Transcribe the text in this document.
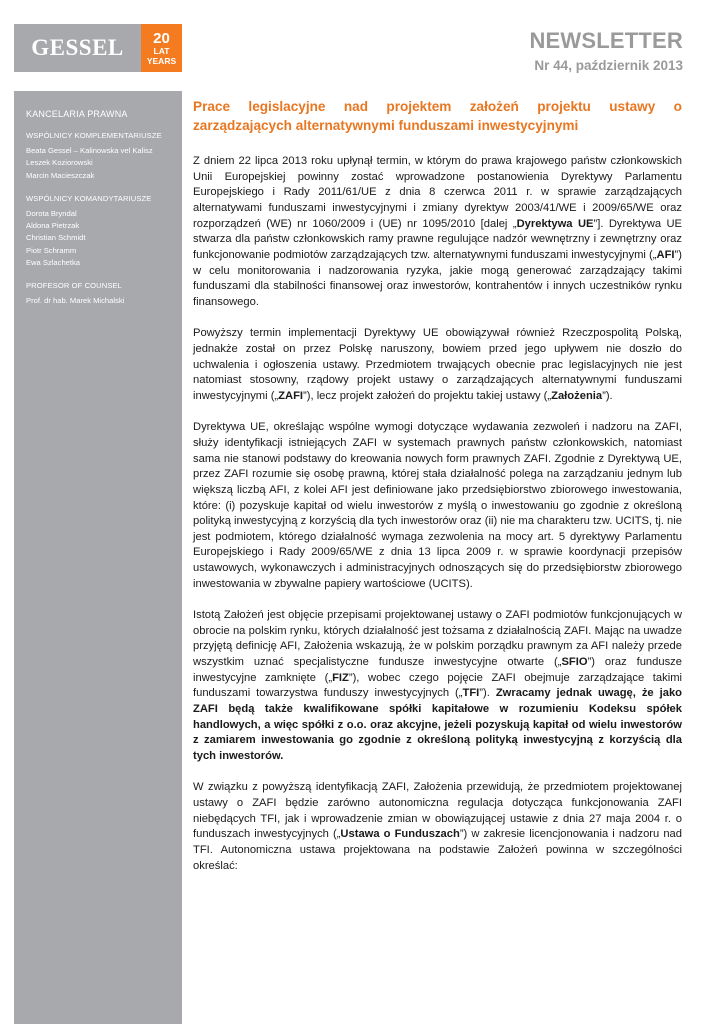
GESSEL	20
LAT
YEARS
NEWSLETTER
Nr 44, październik 2013
KANCELARIA PRAWNA
WSPÓLNICY KOMPLEMENTARIUSZE
Beata Gessel – Kalinowska vel Kalisz
Leszek Koziorowski
Marcin Macieszczak
WSPÓLNICY KOMANDYTARIUSZE
Dorota Bryndal
Aldona Pietrzak
Christian Schmidt
Piotr Schramm
Ewa Szlachetka
PROFESOR OF COUNSEL
Prof. dr hab. Marek Michalski
Prace legislacyjne nad projektem założeń projektu ustawy o zarządzających alternatywnymi funduszami inwestycyjnymi

Z dniem 22 lipca 2013 roku upłynął termin, w którym do prawa krajowego państw członkowskich Unii Europejskiej powinny zostać wprowadzone postanowienia Dyrektywy Parlamentu Europejskiego i Rady 2011/61/UE z dnia 8 czerwca 2011 r. w sprawie zarządzających alternatywami funduszami inwestycyjnymi i zmiany dyrektyw 2003/41/WE i 2009/65/WE oraz rozporządzeń (WE) nr 1060/2009 i (UE) nr 1095/2010 [dalej „Dyrektywa UE”]. Dyrektywa UE stwarza dla państw członkowskich ramy prawne regulujące nadzór wewnętrzny i zewnętrzny oraz funkcjonowanie podmiotów zarządzających tzw. alternatywnymi funduszami inwestycyjnymi („AFI”) w celu monitorowania i nadzorowania ryzyka, jakie mogą generować zarządzający takimi funduszami dla stabilności finansowej oraz inwestorów, kontrahentów i innych uczestników rynku finansowego.

Powyższy termin implementacji Dyrektywy UE obowiązywał również Rzeczpospolitą Polską, jednakże został on przez Polskę naruszony, bowiem przed jego upływem nie doszło do uchwalenia i ogłoszenia ustawy. Przedmiotem trwających obecnie prac legislacyjnych nie jest natomiast stosowny, rządowy projekt ustawy o zarządzających alternatywnymi funduszami inwestycyjnymi („ZAFI”), lecz projekt założeń do projektu takiej ustawy („Założenia”).

Dyrektywa UE, określając wspólne wymogi dotyczące wydawania zezwoleń i nadzoru na ZAFI, służy identyfikacji istniejących ZAFI w systemach prawnych państw członkowskich, natomiast sama nie stanowi podstawy do kreowania nowych form prawnych ZAFI. Zgodnie z Dyrektywą UE, przez ZAFI rozumie się osobę prawną, której stała działalność polega na zarządzaniu jednym lub większą liczbą AFI, z kolei AFI jest definiowane jako przedsiębiorstwo zbiorowego inwestowania, które: (i) pozyskuje kapitał od wielu inwestorów z myślą o inwestowaniu go zgodnie z określoną polityką inwestycyjną z korzyścią dla tych inwestorów oraz (ii) nie ma charakteru tzw. UCITS, tj. nie jest podmiotem, którego działalność wymaga zezwolenia na mocy art. 5 dyrektywy Parlamentu Europejskiego i Rady 2009/65/WE z dnia 13 lipca 2009 r. w sprawie koordynacji przepisów ustawowych, wykonawczych i administracyjnych odnoszących się do przedsiębiorstw zbiorowego inwestowania w zbywalne papiery wartościowe (UCITS).

Istotą Założeń jest objęcie przepisami projektowanej ustawy o ZAFI podmiotów funkcjonujących w obrocie na polskim rynku, których działalność jest tożsama z działalnością ZAFI. Mając na uwadze przyjętą definicję AFI, Założenia wskazują, że w polskim porządku prawnym za AFI należy przede wszystkim uznać specjalistyczne fundusze inwestycyjne otwarte („SFIO”) oraz fundusze inwestycyjne zamknięte („FIZ”), wobec czego pojęcie ZAFI obejmuje zarządzające takimi funduszami towarzystwa funduszy inwestycyjnych („TFI”). Zwracamy jednak uwagę, że jako ZAFI będą także kwalifikowane spółki kapitałowe w rozumieniu Kodeksu spółek handlowych, a więc spółki z o.o. oraz akcyjne, jeżeli pozyskują kapitał od wielu inwestorów z zamiarem inwestowania go zgodnie z określoną polityką inwestycyjną z korzyścią dla tych inwestorów.

W związku z powyższą identyfikacją ZAFI, Założenia przewidują, że przedmiotem projektowanej ustawy o ZAFI będzie zarówno autonomiczna regulacja dotycząca funkcjonowania ZAFI niebędących TFI, jak i wprowadzenie zmian w obowiązującej ustawie z dnia 27 maja 2004 r. o funduszach inwestycyjnych („Ustawa o Funduszach”) w zakresie licencjonowania i nadzoru nad TFI. Autonomiczna ustawa projektowana na podstawie Założeń powinna w szczególności określać:
